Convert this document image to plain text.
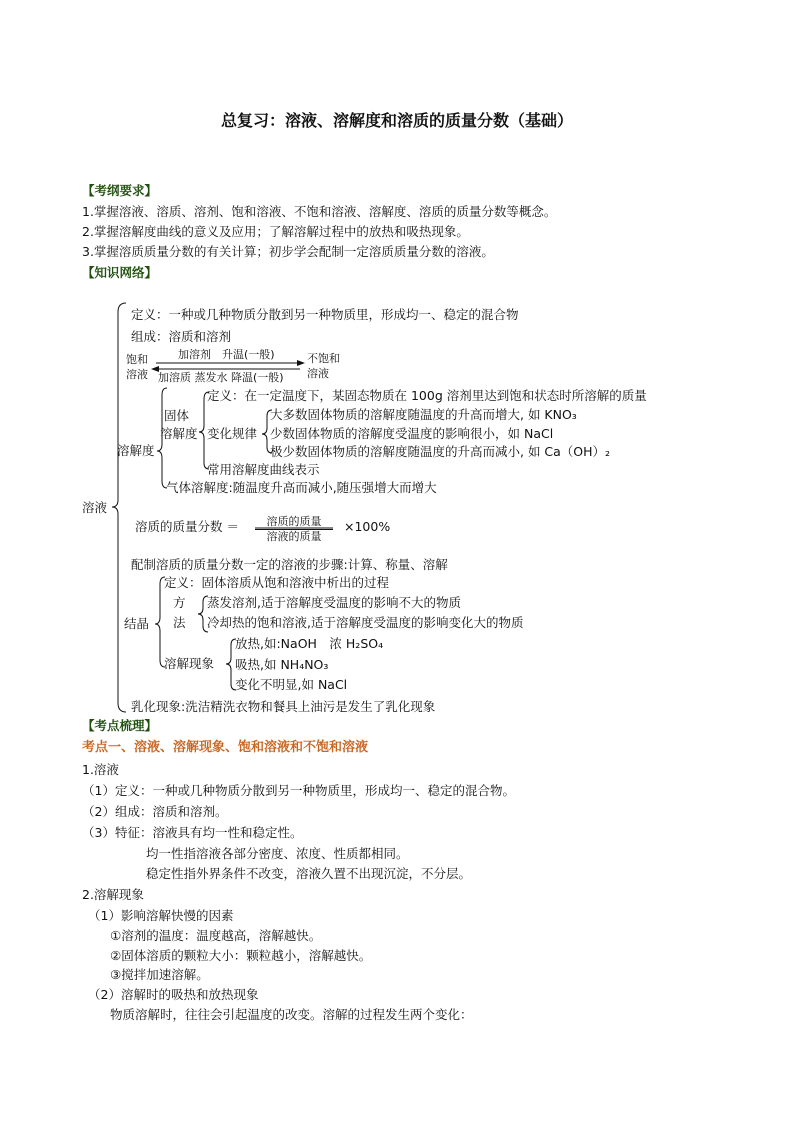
总复习：溶液、溶解度和溶质的质量分数（基础）
【考纲要求】
1.掌握溶液、溶质、溶剂、饱和溶液、不饱和溶液、溶解度、溶质的质量分数等概念。
2.掌握溶解度曲线的意义及应用；了解溶解过程中的放热和吸热现象。
3.掌握溶质质量分数的有关计算；初步学会配制一定溶质质量分数的溶液。
【知识网络】
溶液
定义：一种或几种物质分散到另一种物质里，形成均一、稳定的混合物
组成：溶质和溶剂
饱和
溶液
加溶剂　升温(一般)
加溶质 蒸发水 降温(一般)
不饱和
溶液
溶解度
固体
溶解度
定义：在一定温度下，某固态物质在 100g 溶剂里达到饱和状态时所溶解的质量
变化规律
大多数固体物质的溶解度随温度的升高而增大, 如 KNO₃
少数固体物质的溶解度受温度的影响很小，如 NaCl
极少数固体物质的溶解度随温度的升高而减小, 如 Ca（OH）₂
常用溶解度曲线表示
气体溶解度:随温度升高而减小,随压强增大而增大
溶质的质量分数 ＝	溶质的质量
溶液的质量
×100%
配制溶质的质量分数一定的溶液的步骤:计算、称量、溶解
结晶
定义：固体溶质从饱和溶液中析出的过程
方
法
蒸发溶剂,适于溶解度受温度的影响不大的物质
冷却热的饱和溶液,适于溶解度受温度的影响变化大的物质
溶解现象
放热,如:NaOH　浓 H₂SO₄
吸热,如 NH₄NO₃
变化不明显,如 NaCl
乳化现象:洗洁精洗衣物和餐具上油污是发生了乳化现象
【考点梳理】
考点一、溶液、溶解现象、饱和溶液和不饱和溶液
1.溶液
（1）定义：一种或几种物质分散到另一种物质里，形成均一、稳定的混合物。
（2）组成：溶质和溶剂。
（3）特征：溶液具有均一性和稳定性。
均一性指溶液各部分密度、浓度、性质都相同。
稳定性指外界条件不改变，溶液久置不出现沉淀，不分层。
2.溶解现象
（1）影响溶解快慢的因素
①溶剂的温度：温度越高，溶解越快。
②固体溶质的颗粒大小：颗粒越小，溶解越快。
③搅拌加速溶解。
（2）溶解时的吸热和放热现象
物质溶解时，往往会引起温度的改变。溶解的过程发生两个变化：
